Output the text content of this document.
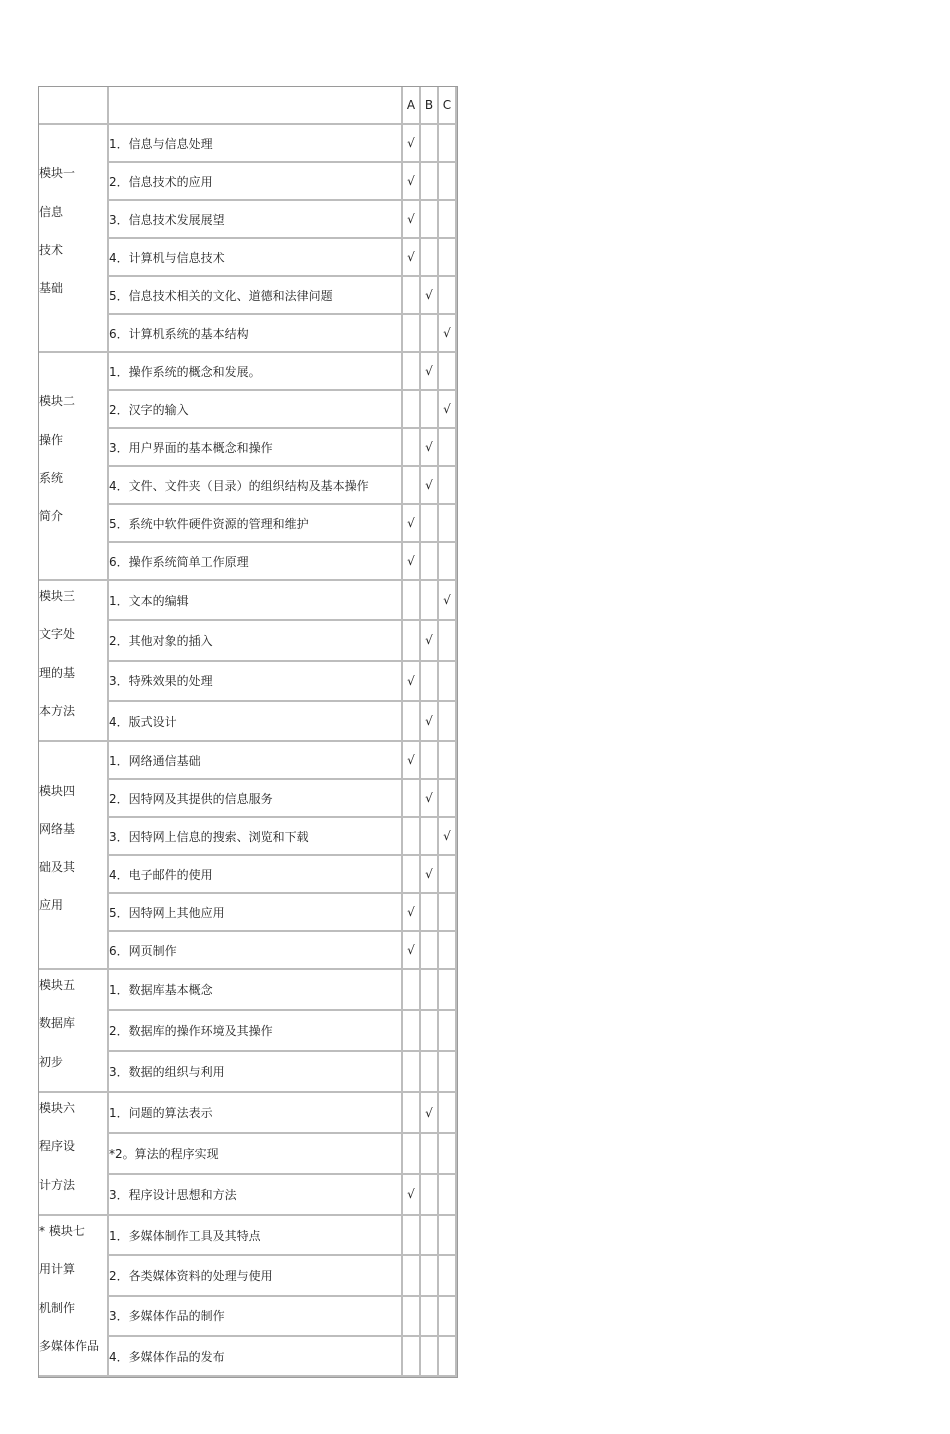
		A	B	C

模块一
信息
技术
基础	1．信息与信息处理	√		
	2．信息技术的应用	√		
	3．信息技术发展展望	√		
	4．计算机与信息技术	√		
	5．信息技术相关的文化、道德和法律问题		√	
	6．计算机系统的基本结构			√

模块二
操作
系统
简介	1．操作系统的概念和发展。		√	
	2．汉字的输入			√
	3．用户界面的基本概念和操作		√	
	4．文件、文件夹（目录）的组织结构及基本操作		√	
	5．系统中软件硬件资源的管理和维护	√		
	6．操作系统简单工作原理	√		

模块三
文字处
理的基
本方法	1．文本的编辑			√
	2．其他对象的插入		√	
	3．特殊效果的处理	√		
	4．版式设计		√	

模块四
网络基
础及其
应用	1．网络通信基础	√		
	2．因特网及其提供的信息服务		√	
	3．因特网上信息的搜索、浏览和下载			√
	4．电子邮件的使用		√	
	5．因特网上其他应用	√		
	6．网页制作	√		

模块五
数据库
初步	1．数据库基本概念			
	2．数据库的操作环境及其操作			
	3．数据的组织与利用			

模块六
程序设
计方法	1．问题的算法表示		√	
	*2。算法的程序实现			
	3．程序设计思想和方法	√		

* 模块七
用计算
机制作
多媒体作品	1．多媒体制作工具及其特点			
	2．各类媒体资料的处理与使用			
	3．多媒体作品的制作			
	4．多媒体作品的发布			
